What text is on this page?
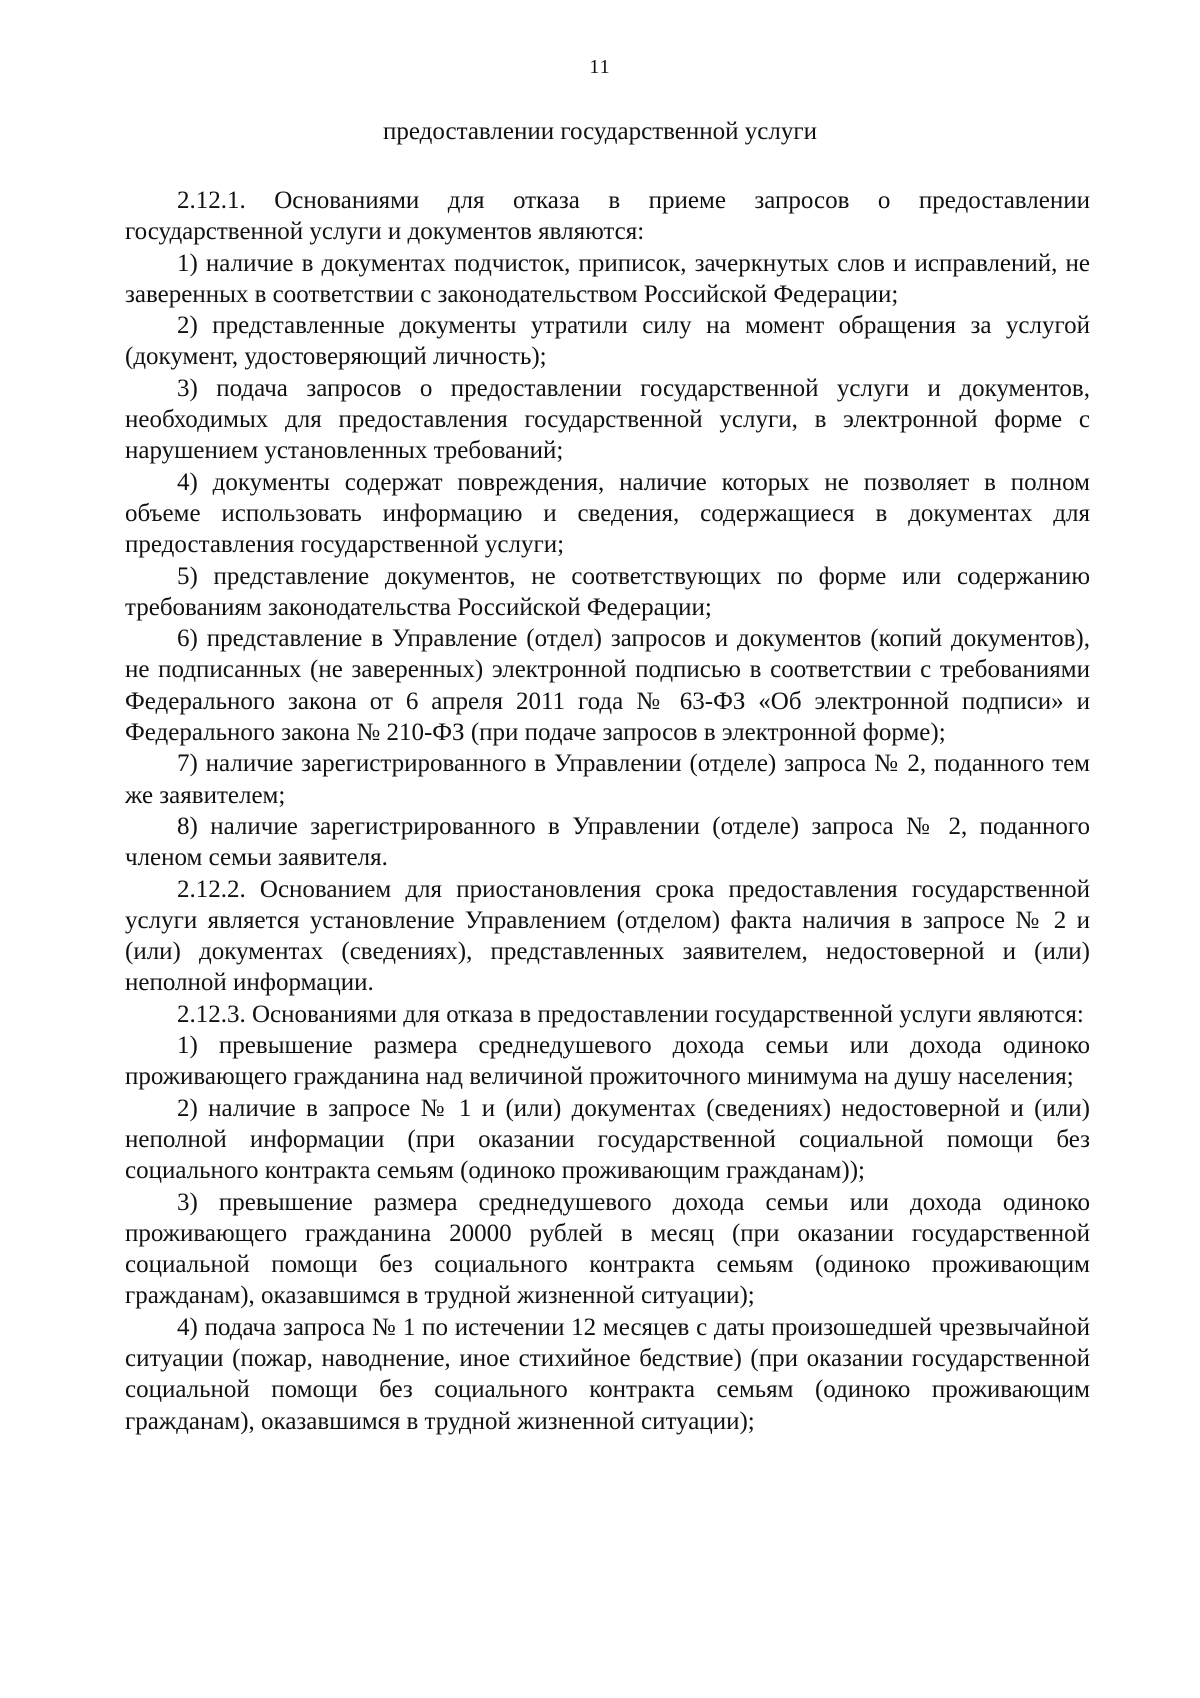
11
предоставлении государственной услуги

2.12.1. Основаниями для отказа в приеме запросов о предоставлении государственной услуги и документов являются:

1) наличие в документах подчисток, приписок, зачеркнутых слов и исправлений, не заверенных в соответствии с законодательством Российской Федерации;

2) представленные документы утратили силу на момент обращения за услугой (документ, удостоверяющий личность);

3) подача запросов о предоставлении государственной услуги и документов, необходимых для предоставления государственной услуги, в электронной форме с нарушением установленных требований;

4) документы содержат повреждения, наличие которых не позволяет в полном объеме использовать информацию и сведения, содержащиеся в документах для предоставления государственной услуги;

5) представление документов, не соответствующих по форме или содержанию требованиям законодательства Российской Федерации;

6) представление в Управление (отдел) запросов и документов (копий документов), не подписанных (не заверенных) электронной подписью в соответствии с требованиями Федерального закона от 6 апреля 2011 года № 63-ФЗ «Об электронной подписи» и Федерального закона № 210-ФЗ (при подаче запросов в электронной форме);

7) наличие зарегистрированного в Управлении (отделе) запроса № 2, поданного тем же заявителем;

8) наличие зарегистрированного в Управлении (отделе) запроса № 2, поданного членом семьи заявителя.

2.12.2. Основанием для приостановления срока предоставления государственной услуги является установление Управлением (отделом) факта наличия в запросе № 2 и (или) документах (сведениях), представленных заявителем, недостоверной и (или) неполной информации.

2.12.3. Основаниями для отказа в предоставлении государственной услуги являются:

1) превышение размера среднедушевого дохода семьи или дохода одиноко проживающего гражданина над величиной прожиточного минимума на душу населения;

2) наличие в запросе № 1 и (или) документах (сведениях) недостоверной и (или) неполной информации (при оказании государственной социальной помощи без социального контракта семьям (одиноко проживающим гражданам));

3) превышение размера среднедушевого дохода семьи или дохода одиноко проживающего гражданина 20000 рублей в месяц (при оказании государственной социальной помощи без социального контракта семьям (одиноко проживающим гражданам), оказавшимся в трудной жизненной ситуации);

4) подача запроса № 1 по истечении 12 месяцев с даты произошедшей чрезвычайной ситуации (пожар, наводнение, иное стихийное бедствие) (при оказании государственной социальной помощи без социального контракта семьям (одиноко проживающим гражданам), оказавшимся в трудной жизненной ситуации);
